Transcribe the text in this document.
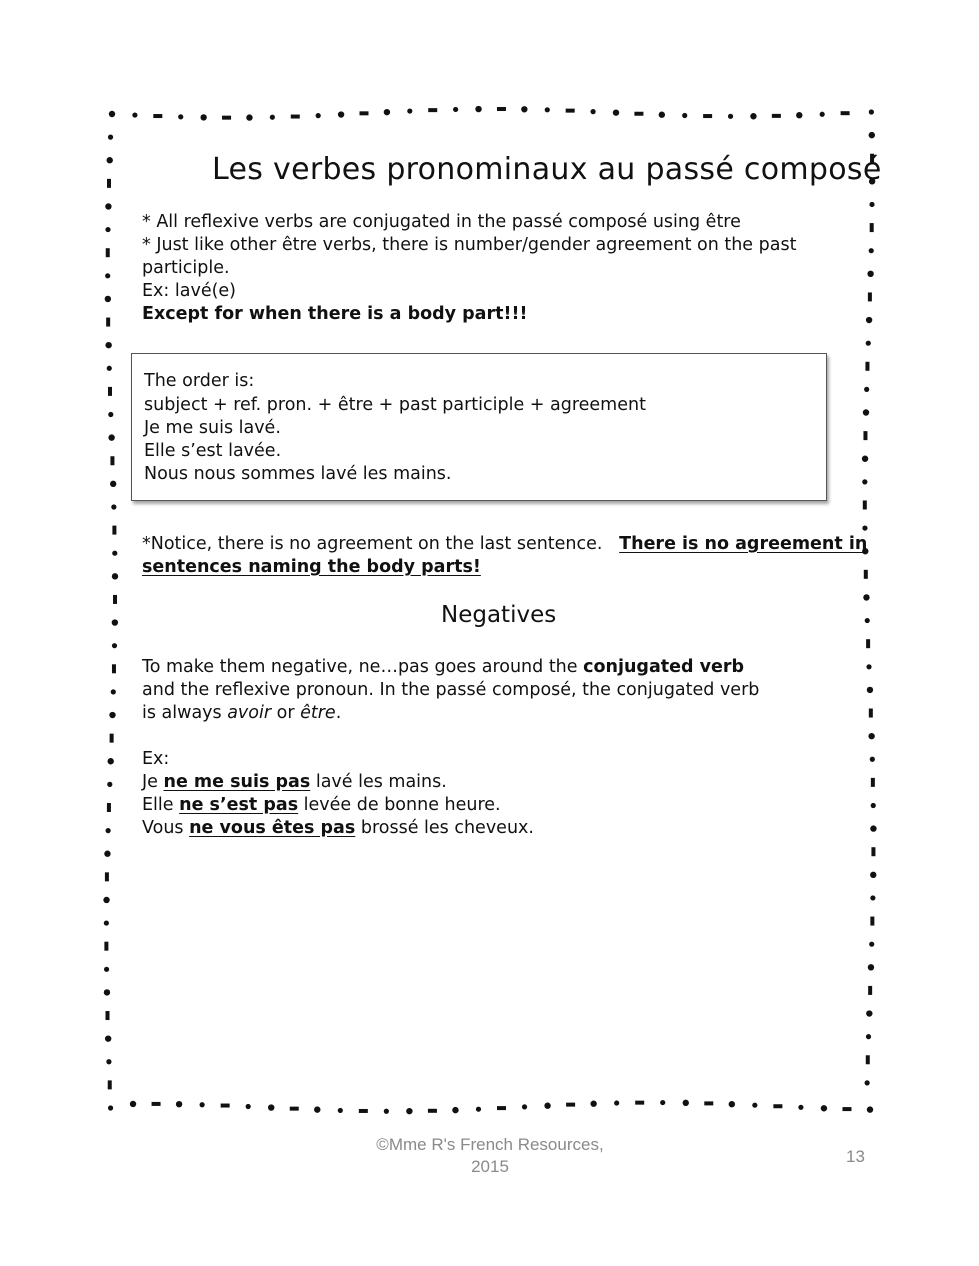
Les verbes pronominaux au passé composé
* All reflexive verbs are conjugated in the passé composé using être
* Just like other être verbs, there is number/gender agreement on the past
participle.
Ex: lavé(e)
Except for when there is a body part!!!
The order is:
subject + ref. pron. + être + past participle + agreement
Je me suis lavé.
Elle s’est lavée.
Nous nous sommes lavé les mains.
*Notice, there is no agreement on the last sentence. There is no agreement in
sentences naming the body parts!
Negatives
To make them negative, ne…pas goes around the conjugated verb
and the reflexive pronoun. In the passé composé, the conjugated verb
is always avoir or être.
Ex:
Je ne me suis pas lavé les mains.
Elle ne s’est pas levée de bonne heure.
Vous ne vous êtes pas brossé les cheveux.
©Mme R's French Resources,
2015
13
